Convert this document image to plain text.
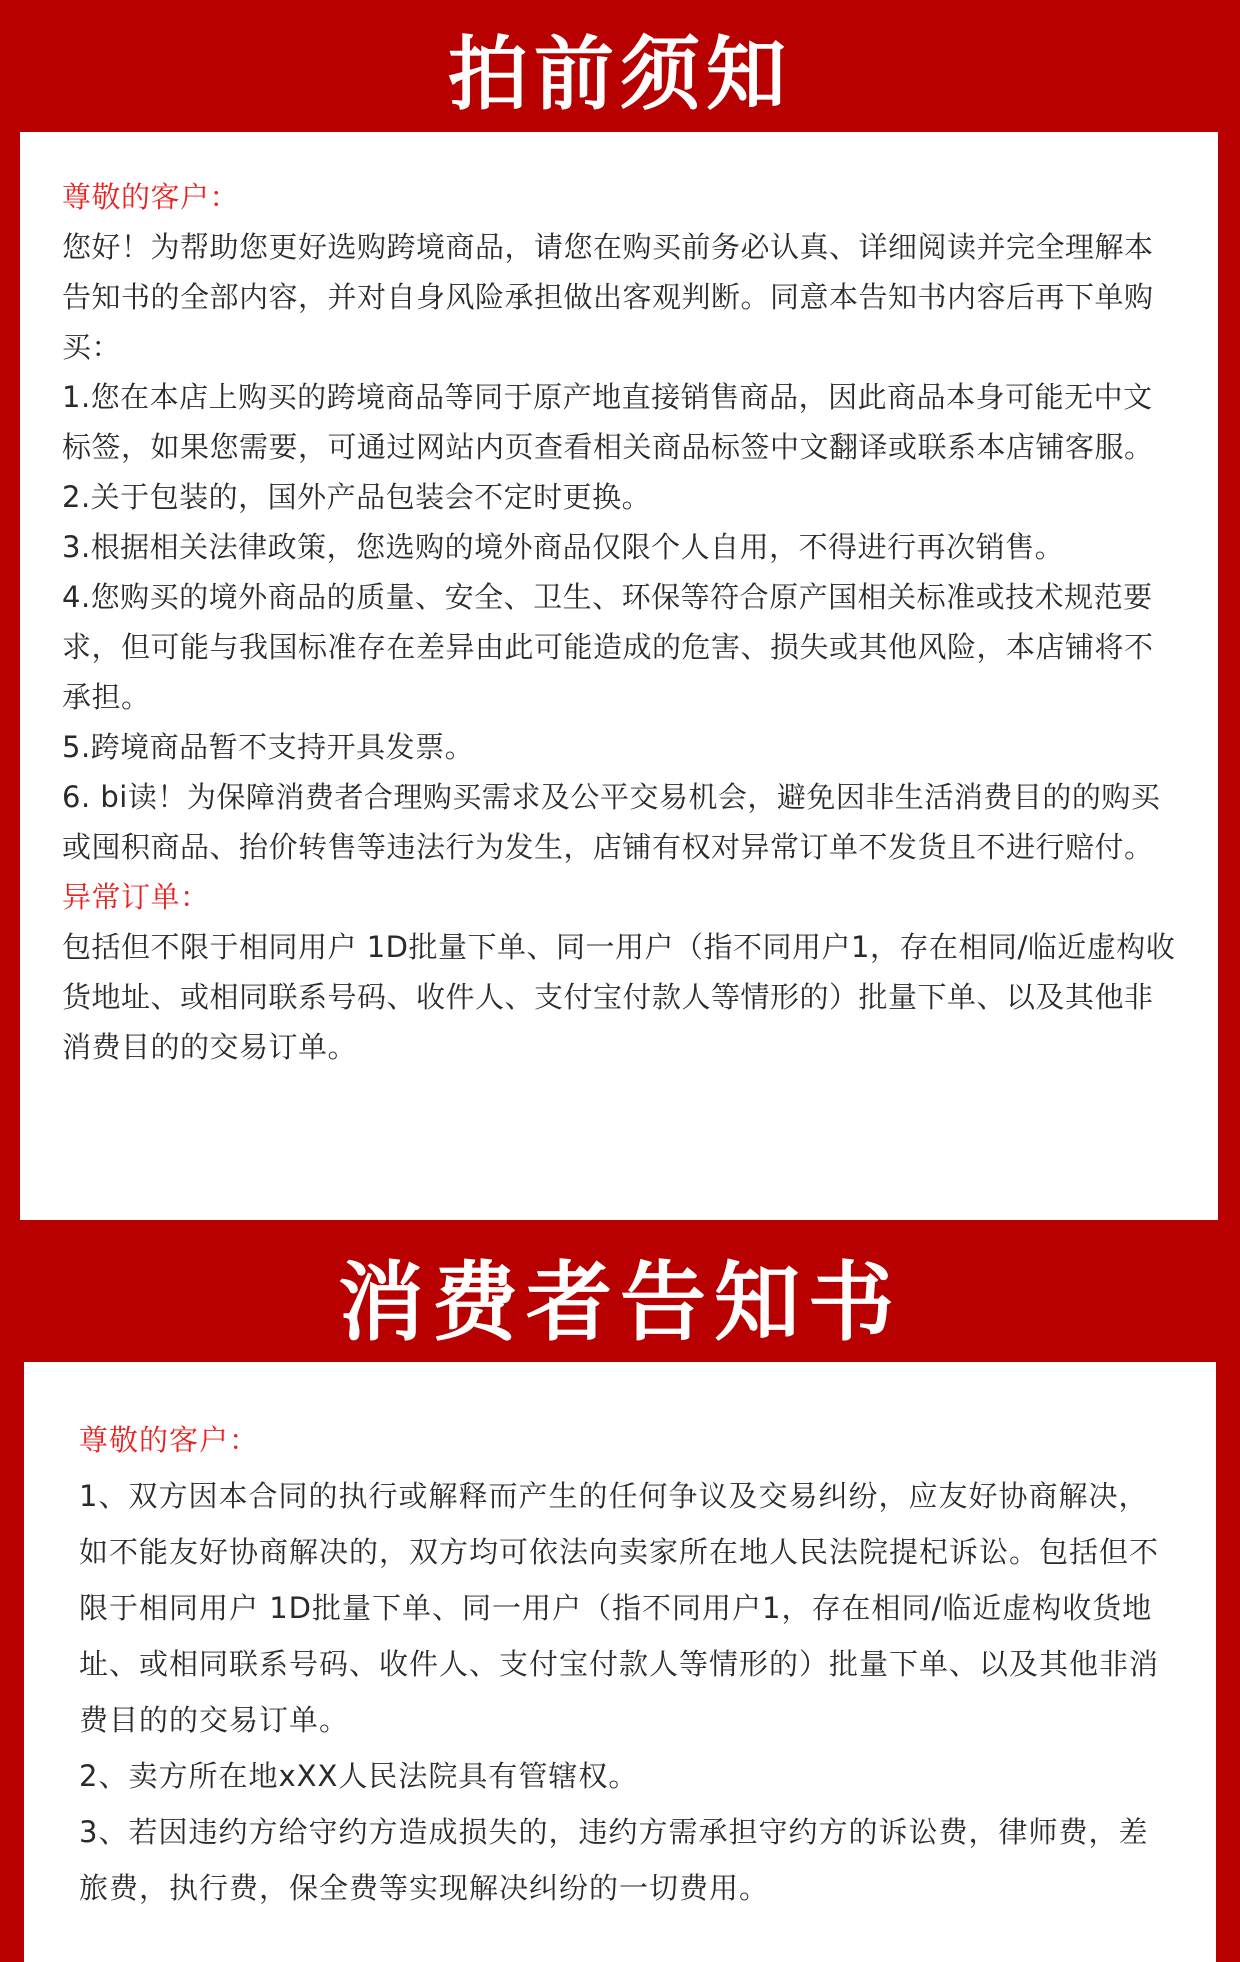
拍前须知

尊敬的客户：

您好！为帮助您更好选购跨境商品，请您在购买前务必认真、详细阅读并完全理解本告知书的全部内容，并对自身风险承担做出客观判断。同意本告知书内容后再下单购买：

1.您在本店上购买的跨境商品等同于原产地直接销售商品，因此商品本身可能无中文标签，如果您需要，可通过网站内页查看相关商品标签中文翻译或联系本店铺客服。

2.关于包装的，国外产品包装会不定时更换。

3.根据相关法律政策，您选购的境外商品仅限个人自用，不得进行再次销售。

4.您购买的境外商品的质量、安全、卫生、环保等符合原产国相关标准或技术规范要求，但可能与我国标准存在差异由此可能造成的危害、损失或其他风险，本店铺将不承担。

5.跨境商品暂不支持开具发票。

6. bi读！为保障消费者合理购买需求及公平交易机会，避免因非生活消费目的的购买或囤积商品、抬价转售等违法行为发生，店铺有权对异常订单不发货且不进行赔付。

异常订单：

包括但不限于相同用户 1D批量下单、同一用户（指不同用户1，存在相同/临近虚构收货地址、或相同联系号码、收件人、支付宝付款人等情形的）批量下单、以及其他非消费目的的交易订单。

消费者告知书

尊敬的客户：

1、双方因本合同的执行或解释而产生的任何争议及交易纠纷，应友好协商解决，如不能友好协商解决的，双方均可依法向卖家所在地人民法院提杞诉讼。包括但不限于相同用户 1D批量下单、同一用户（指不同用户1，存在相同/临近虚构收货地址、或相同联系号码、收件人、支付宝付款人等情形的）批量下单、以及其他非消费目的的交易订单。

2、卖方所在地xXX人民法院具有管辖权。

3、若因违约方给守约方造成损失的，违约方需承担守约方的诉讼费，律师费，差旅费，执行费，保全费等实现解决纠纷的一切费用。
